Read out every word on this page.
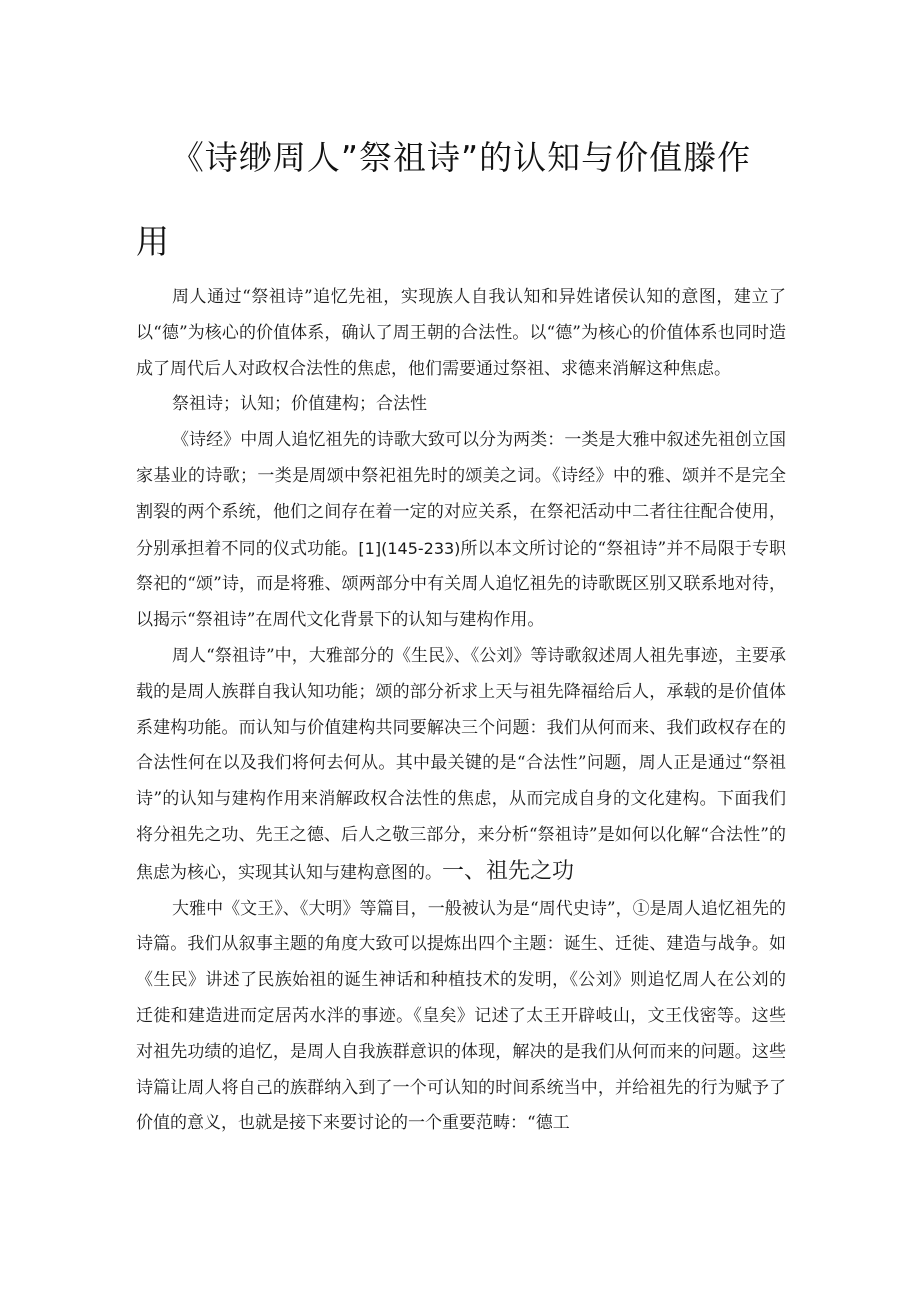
《诗缈周人”祭祖诗”的认知与价值滕作
用

周人通过“祭祖诗”追忆先祖，实现族人自我认知和异姓诸侯认知的意图，建立了以“德”为核心的价值体系，确认了周王朝的合法性。以“德”为核心的价值体系也同时造成了周代后人对政权合法性的焦虑，他们需要通过祭祖、求德来消解这种焦虑。

祭祖诗；认知；价值建构；合法性

《诗经》中周人追忆祖先的诗歌大致可以分为两类：一类是大雅中叙述先祖创立国家基业的诗歌；一类是周颂中祭祀祖先时的颂美之词。《诗经》中的雅、颂并不是完全割裂的两个系统，他们之间存在着一定的对应关系，在祭祀活动中二者往往配合使用，分别承担着不同的仪式功能。[1](145-233)所以本文所讨论的“祭祖诗”并不局限于专职祭祀的“颂”诗，而是将雅、颂两部分中有关周人追忆祖先的诗歌既区别又联系地对待，以揭示“祭祖诗”在周代文化背景下的认知与建构作用。

周人“祭祖诗”中，大雅部分的《生民》、《公刘》等诗歌叙述周人祖先事迹，主要承载的是周人族群自我认知功能；颂的部分祈求上天与祖先降福给后人，承载的是价值体系建构功能。而认知与价值建构共同要解决三个问题：我们从何而来、我们政权存在的合法性何在以及我们将何去何从。其中最关键的是“合法性”问题，周人正是通过“祭祖诗”的认知与建构作用来消解政权合法性的焦虑，从而完成自身的文化建构。下面我们将分祖先之功、先王之德、后人之敬三部分，来分析“祭祖诗”是如何以化解“合法性”的焦虑为核心，实现其认知与建构意图的。一、祖先之功

大雅中《文王》、《大明》等篇目，一般被认为是“周代史诗”，①是周人追忆祖先的诗篇。我们从叙事主题的角度大致可以提炼出四个主题：诞生、迁徙、建造与战争。如《生民》讲述了民族始祖的诞生神话和种植技术的发明，《公刘》则追忆周人在公刘的迁徙和建造进而定居芮水泮的事迹。《皇矣》记述了太王开辟岐山，文王伐密等。这些对祖先功绩的追忆，是周人自我族群意识的体现，解决的是我们从何而来的问题。这些诗篇让周人将自己的族群纳入到了一个可认知的时间系统当中，并给祖先的行为赋予了价值的意义，也就是接下来要讨论的一个重要范畴：“德工
